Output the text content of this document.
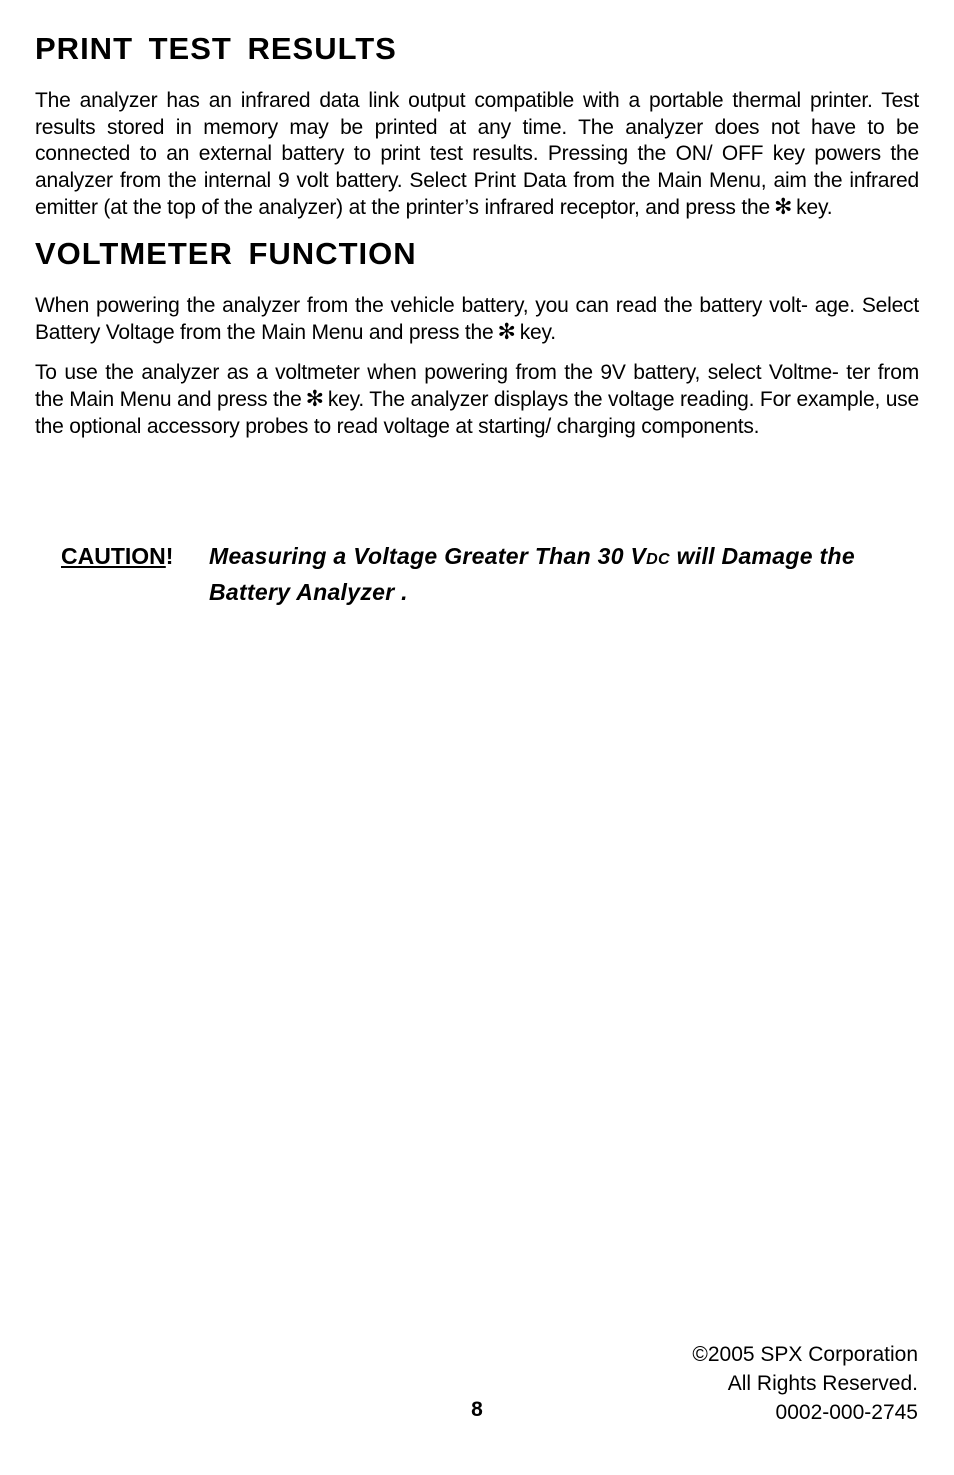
PRINT TEST RESULTS

The analyzer has an infrared data link output compatible with a portable thermal printer. Test results stored in memory may be printed at any time. The analyzer does not have to be connected to an external battery to print test results. Pressing the ON/ OFF key powers the analyzer from the internal 9 volt battery. Select Print Data from the Main Menu, aim the infrared emitter (at the top of the analyzer) at the printer’s infrared receptor, and press the ✻ key.

VOLTMETER FUNCTION

When powering the analyzer from the vehicle battery, you can read the battery volt- age. Select Battery Voltage from the Main Menu and press the ✻ key.

To use the analyzer as a voltmeter when powering from the 9V battery, select Voltme- ter from the Main Menu and press the ✻ key. The analyzer displays the voltage reading. For example, use the optional accessory probes to read voltage at starting/ charging components.

CAUTION! Measuring a Voltage Greater Than 30 VDC will Damage the Battery Analyzer .
8
©2005 SPX Corporation
All Rights Reserved.
0002-000-2745
